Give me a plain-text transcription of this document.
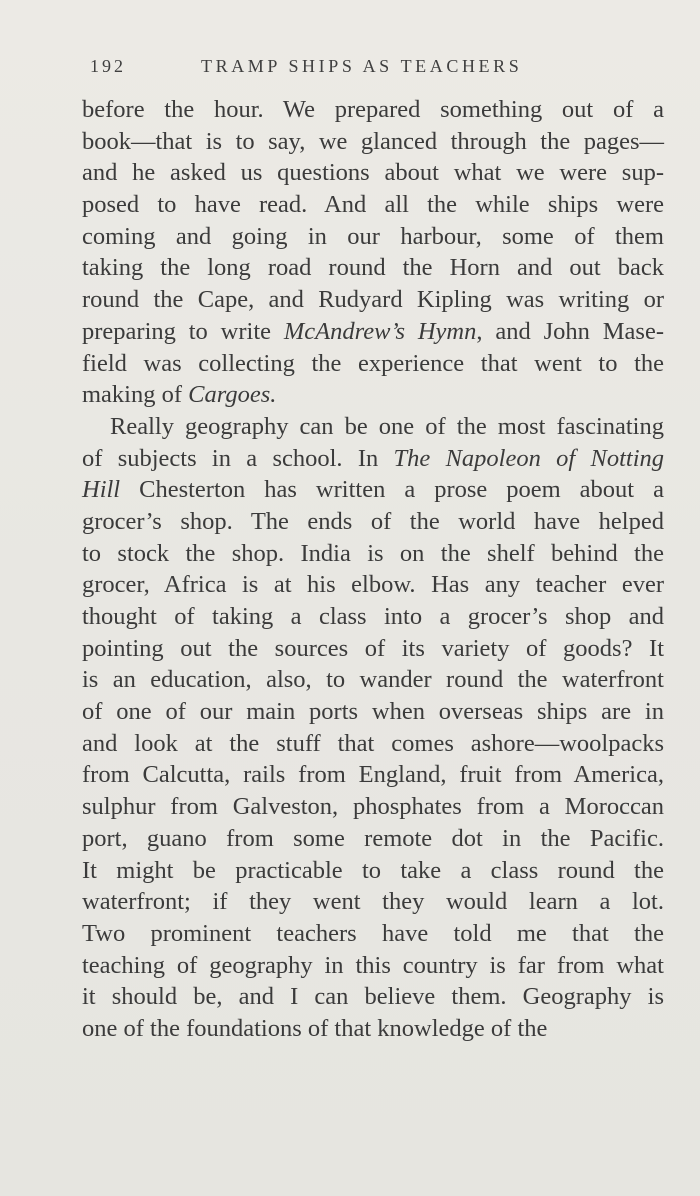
192	TRAMP SHIPS AS TEACHERS
before the hour. We prepared something out of a
book—that is to say, we glanced through the pages—
and he asked us questions about what we were sup-
posed to have read. And all the while ships were
coming and going in our harbour, some of them
taking the long road round the Horn and out back
round the Cape, and Rudyard Kipling was writing or
preparing to write McAndrew’s Hymn, and John Mase-
field was collecting the experience that went to the
making of Cargoes.
Really geography can be one of the most fascinating
of subjects in a school. In The Napoleon of Notting
Hill Chesterton has written a prose poem about a
grocer’s shop. The ends of the world have helped
to stock the shop. India is on the shelf behind the
grocer, Africa is at his elbow. Has any teacher ever
thought of taking a class into a grocer’s shop and
pointing out the sources of its variety of goods? It
is an education, also, to wander round the waterfront
of one of our main ports when overseas ships are in
and look at the stuff that comes ashore—woolpacks
from Calcutta, rails from England, fruit from America,
sulphur from Galveston, phosphates from a Moroccan
port, guano from some remote dot in the Pacific.
It might be practicable to take a class round the
waterfront; if they went they would learn a lot.
Two prominent teachers have told me that the
teaching of geography in this country is far from what
it should be, and I can believe them. Geography is
one of the foundations of that knowledge of the
